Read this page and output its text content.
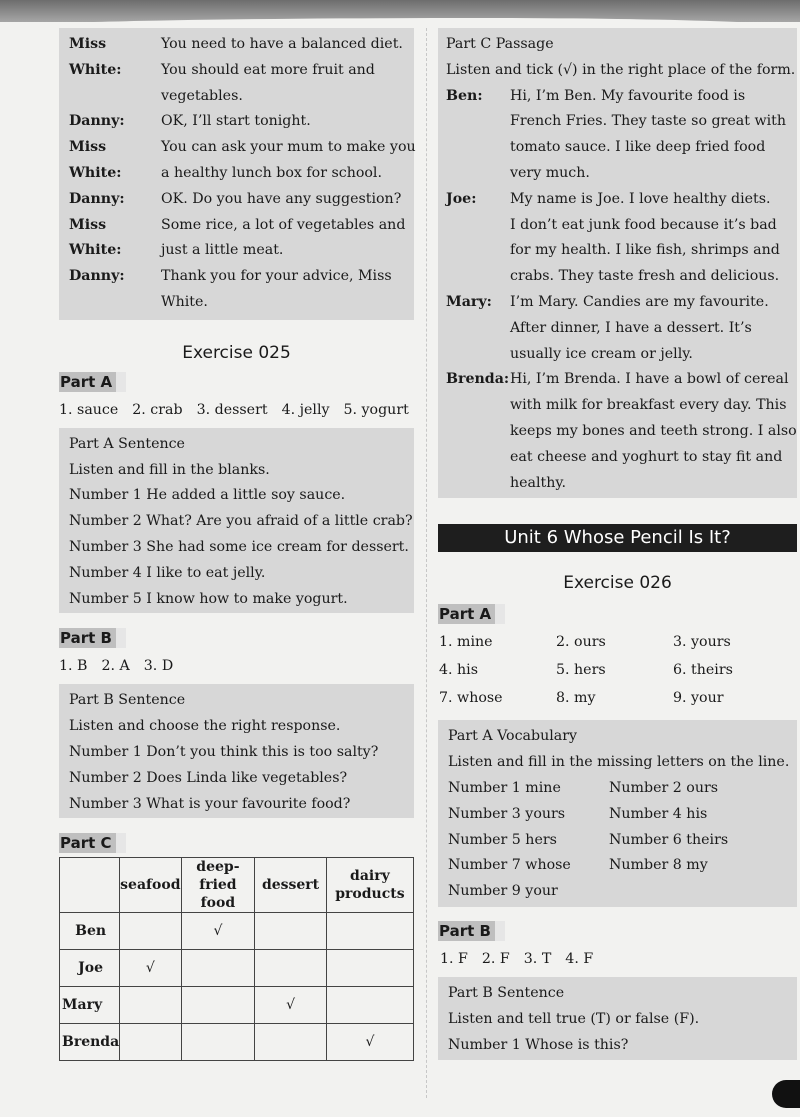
Miss White:
You need to have a balanced diet.
You should eat more fruit and
vegetables.
Danny:	OK, I’ll start tonight.
Miss White:
You can ask your mum to make you
a healthy lunch box for school.
Danny:	OK. Do you have any suggestion?
Miss White:
Some rice, a lot of vegetables and
just a little meat.
Danny:	Thank you for your advice, Miss
White.
Exercise 025
Part A
1. sauce 2. crab 3. dessert 4. jelly 5. yogurt
Part A Sentence
Listen and fill in the blanks.
Number 1 He added a little soy sauce.
Number 2 What? Are you afraid of a little crab?
Number 3 She had some ice cream for dessert.
Number 4 I like to eat jelly.
Number 5 I know how to make yogurt.
Part B
1. B 2. A 3. D
Part B Sentence
Listen and choose the right response.
Number 1 Don’t you think this is too salty?
Number 2 Does Linda like vegetables?
Number 3 What is your favourite food?
Part C
	seafood	deep-fried food	dessert	dairy products
Ben		√		
Joe	√			
Mary			√	
Brenda				√
Part C Passage
Listen and tick (√) in the right place of the form.
Ben:	Hi, I’m Ben. My favourite food is
French Fries. They taste so great with
tomato sauce. I like deep fried food
very much.
Joe:	My name is Joe. I love healthy diets.
I don’t eat junk food because it’s bad
for my health. I like fish, shrimps and
crabs. They taste fresh and delicious.
Mary:	I’m Mary. Candies are my favourite.
After dinner, I have a dessert. It’s
usually ice cream or jelly.
Brenda: Hi, I’m Brenda. I have a bowl of cereal
with milk for breakfast every day. This
keeps my bones and teeth strong. I also
eat cheese and yoghurt to stay fit and
healthy.
Unit 6 Whose Pencil Is It?
Exercise 026
Part A
1. mine	2. ours	3. yours
4. his	5. hers	6. theirs
7. whose	8. my	9. your
Part A Vocabulary
Listen and fill in the missing letters on the line.
Number 1 mine	Number 2 ours
Number 3 yours	Number 4 his
Number 5 hers	Number 6 theirs
Number 7 whose	Number 8 my
Number 9 your
Part B
1. F 2. F 3. T 4. F
Part B Sentence
Listen and tell true (T) or false (F).
Number 1 Whose is this?
